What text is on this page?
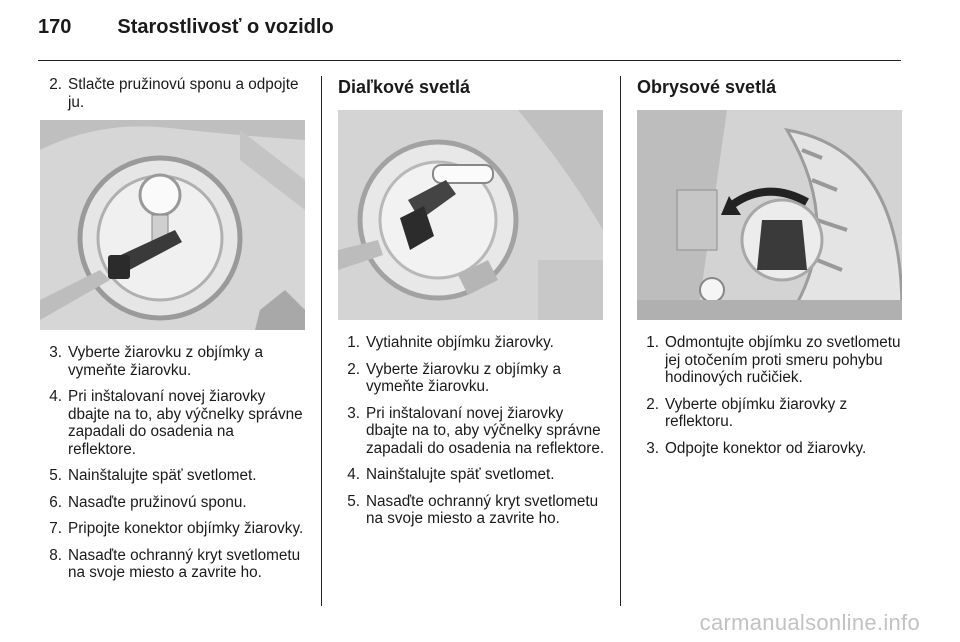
170 Starostlivosť o vozidlo
2. Stlačte pružinovú sponu a odpojte ju.
3. Vyberte žiarovku z objímky a vymeňte žiarovku.
4. Pri inštalovaní novej žiarovky dbajte na to, aby výčnelky správne zapadali do osadenia na reflektore.
5. Nainštalujte späť svetlomet.
6. Nasaďte pružinovú sponu.
7. Pripojte konektor objímky žiarovky.
8. Nasaďte ochranný kryt svetlometu na svoje miesto a zavrite ho.
Diaľkové svetlá
1. Vytiahnite objímku žiarovky.
2. Vyberte žiarovku z objímky a vymeňte žiarovku.
3. Pri inštalovaní novej žiarovky dbajte na to, aby výčnelky správne zapadali do osadenia na reflektore.
4. Nainštalujte späť svetlomet.
5. Nasaďte ochranný kryt svetlometu na svoje miesto a zavrite ho.
Obrysové svetlá
1. Odmontujte objímku zo svetlometu jej otočením proti smeru pohybu hodinových ručičiek.
2. Vyberte objímku žiarovky z reflektoru.
3. Odpojte konektor od žiarovky.
carmanualsonline.info
